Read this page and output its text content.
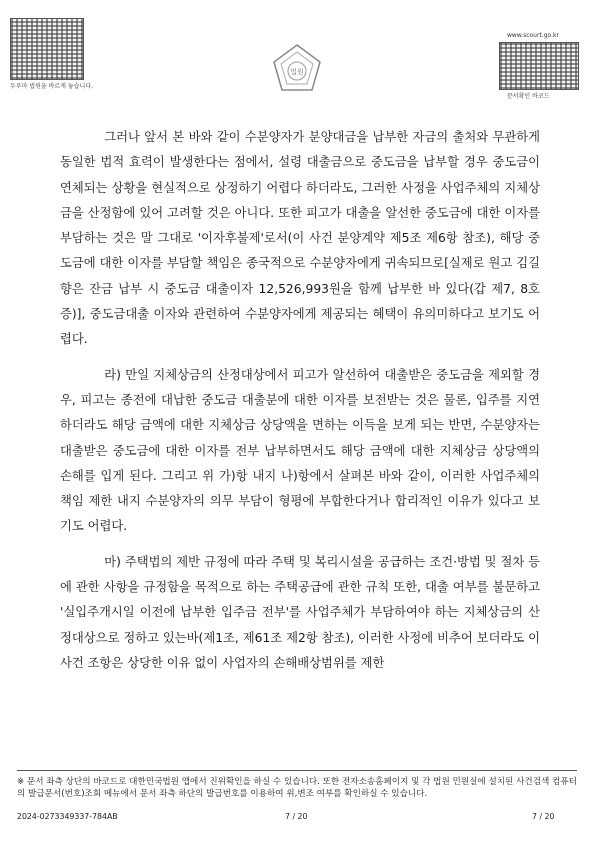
두루마 법원을 바르게 놓습니다.
법원
www.scourt.go.kr
문서확인 바코드

그러나 앞서 본 바와 같이 수분양자가 분양대금을 납부한 자금의 출처와 무관하게 동일한 법적 효력이 발생한다는 점에서, 설령 대출금으로 중도금을 납부할 경우 중도금이 연체되는 상황을 현실적으로 상정하기 어렵다 하더라도, 그러한 사정을 사업주체의 지체상금을 산정함에 있어 고려할 것은 아니다. 또한 피고가 대출을 알선한 중도금에 대한 이자를 부담하는 것은 말 그대로 '이자후불제'로서(이 사건 분양계약 제5조 제6항 참조), 해당 중도금에 대한 이자를 부담할 책임은 종국적으로 수분양자에게 귀속되므로[실제로 원고 김길향은 잔금 납부 시 중도금 대출이자 12,526,993원을 함께 납부한 바 있다(갑 제7, 8호증)], 중도금대출 이자와 관련하여 수분양자에게 제공되는 혜택이 유의미하다고 보기도 어렵다.

라) 만일 지체상금의 산정대상에서 피고가 알선하여 대출받은 중도금을 제외할 경우, 피고는 종전에 대납한 중도금 대출분에 대한 이자를 보전받는 것은 물론, 입주를 지연하더라도 해당 금액에 대한 지체상금 상당액을 면하는 이득을 보게 되는 반면, 수분양자는 대출받은 중도금에 대한 이자를 전부 납부하면서도 해당 금액에 대한 지체상금 상당액의 손해를 입게 된다. 그리고 위 가)항 내지 나)항에서 살펴본 바와 같이, 이러한 사업주체의 책임 제한 내지 수분양자의 의무 부담이 형평에 부합한다거나 합리적인 이유가 있다고 보기도 어렵다.

마) 주택법의 제반 규정에 따라 주택 및 복리시설을 공급하는 조건·방법 및 절차 등에 관한 사항을 규정함을 목적으로 하는 주택공급에 관한 규칙 또한, 대출 여부를 불문하고 '실입주개시일 이전에 납부한 입주금 전부'를 사업주체가 부담하여야 하는 지체상금의 산정대상으로 정하고 있는바(제1조, 제61조 제2항 참조), 이러한 사정에 비추어 보더라도 이 사건 조항은 상당한 이유 없이 사업자의 손해배상범위를 제한

※ 문서 좌측 상단의 바코드로 대한민국법원 앱에서 진위확인을 하실 수 있습니다. 또한 전자소송홈페이지 및 각 법원 민원실에 설치된 사건검색 컴퓨터의 발급문서(번호)조회 메뉴에서 문서 좌측 하단의 발급번호를 이용하여 위,변조 여부를 확인하실 수 있습니다.
2024-0273349337-784AB	7 / 20	7 / 20
